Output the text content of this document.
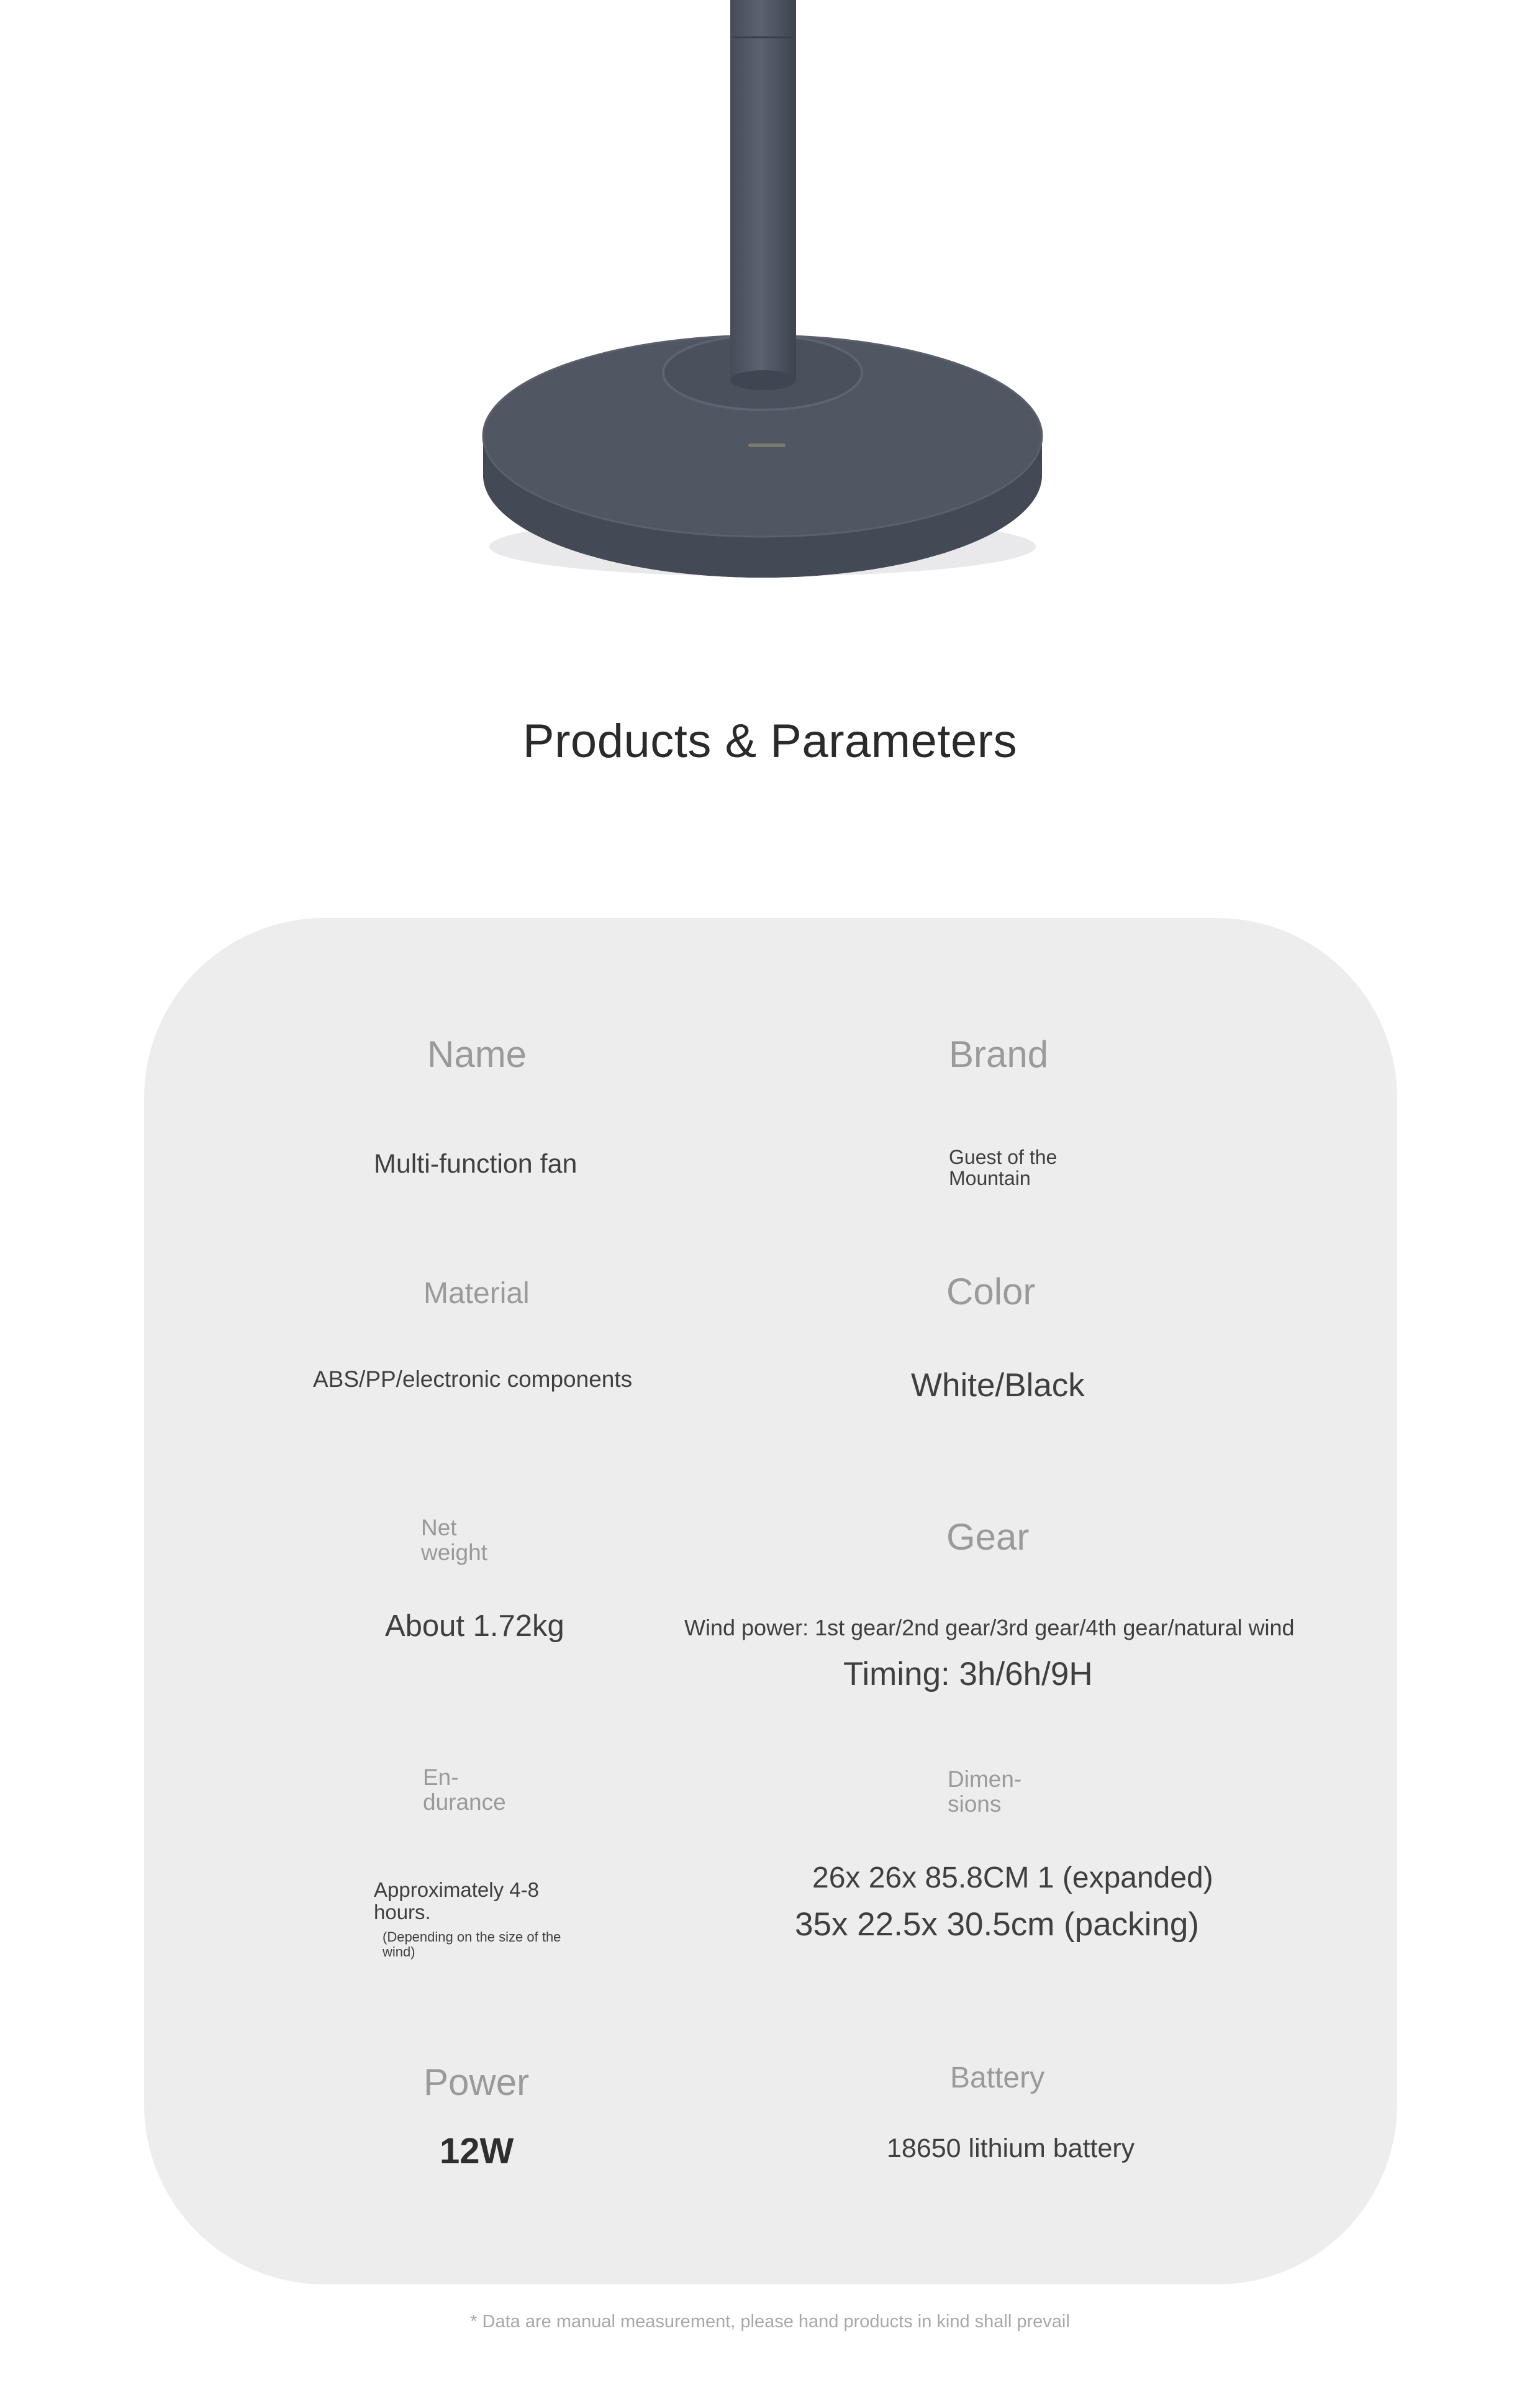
Products & Parameters
Name
Multi-function fan
Brand
Guest of the
Mountain
Material
ABS/PP/electronic components
Color
White/Black
Net
weight
About 1.72kg
Gear
Wind power: 1st gear/2nd gear/3rd gear/4th gear/natural wind
Timing: 3h/6h/9H
En-
durance
Approximately 4-8
hours.
(Depending on the size of the
wind)
Dimen-
sions
26x 26x 85.8CM 1 (expanded)
35x 22.5x 30.5cm (packing)
Power
12W
Battery
18650 lithium battery
* Data are manual measurement, please hand products in kind shall prevail
